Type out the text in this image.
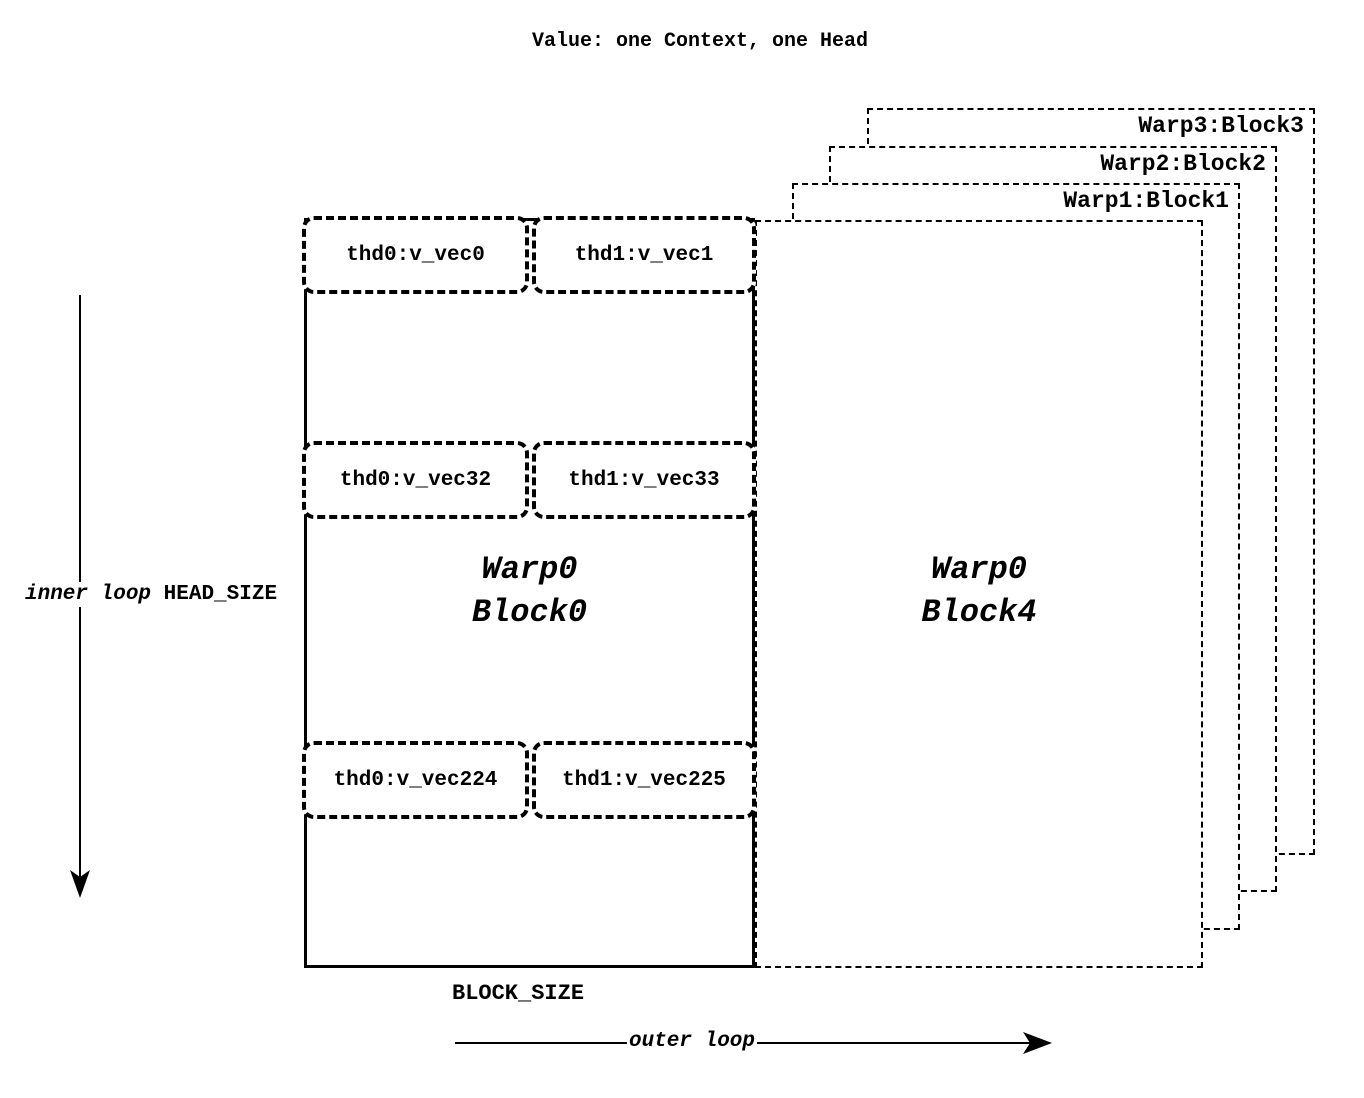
Value: one Context, one Head
Warp3:Block3
Warp2:Block2
Warp1:Block1
thd0:v_vec0	thd1:v_vec1
thd0:v_vec32	thd1:v_vec33
thd0:v_vec224	thd1:v_vec225
Warp0
Block0
Warp0
Block4
inner loop HEAD_SIZE
BLOCK_SIZE
outer loop
